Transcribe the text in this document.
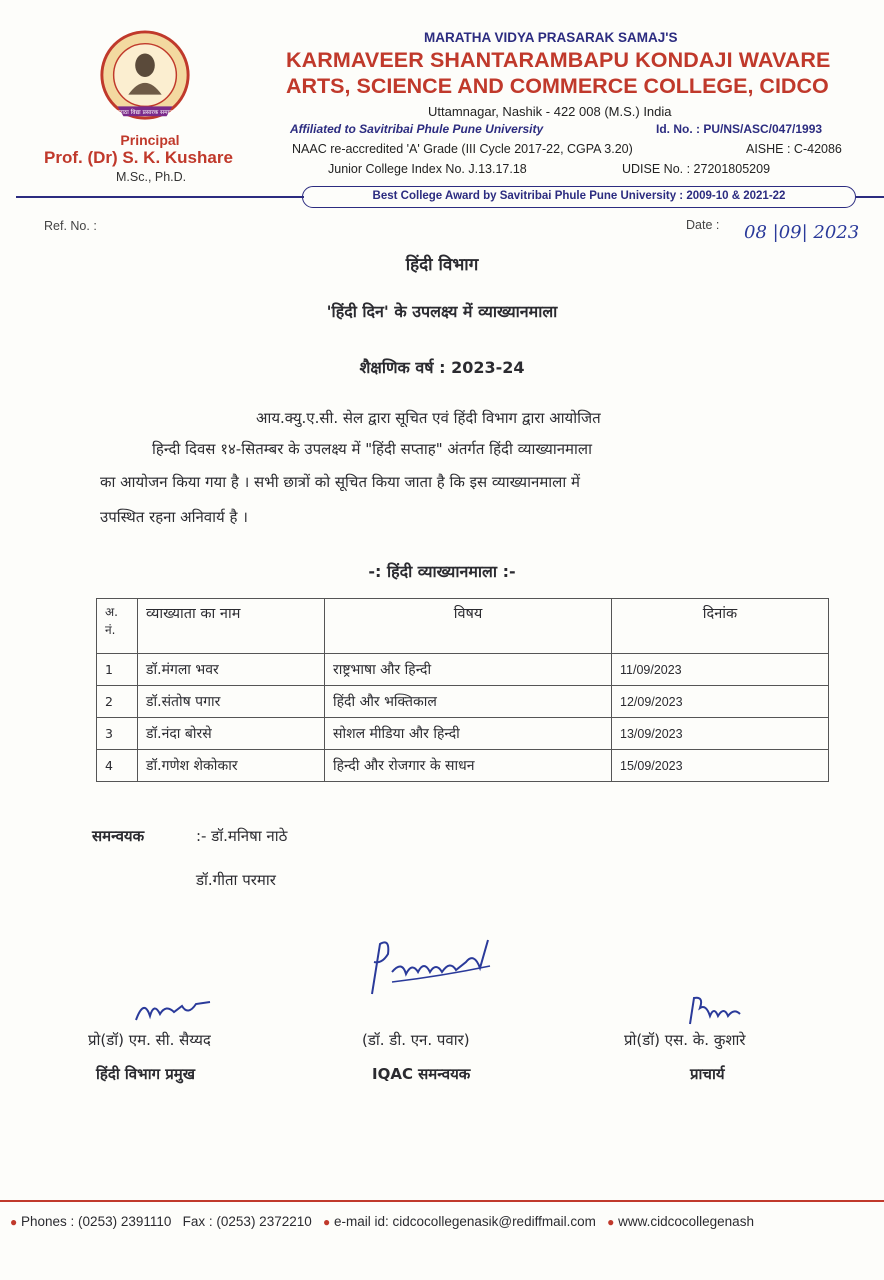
मराठा विद्या प्रसारक समाज
Principal
Prof. (Dr) S. K. Kushare
M.Sc., Ph.D.
MARATHA VIDYA PRASARAK SAMAJ'S
KARMAVEER SHANTARAMBAPU KONDAJI WAVARE
ARTS, SCIENCE AND COMMERCE COLLEGE, CIDCO
Uttamnagar, Nashik - 422 008 (M.S.) India
Affiliated to Savitribai Phule Pune University	Id. No. : PU/NS/ASC/047/1993
NAAC re-accredited 'A' Grade (III Cycle 2017-22, CGPA 3.20)	AISHE : C-42086
Junior College Index No. J.13.17.18	UDISE No. : 27201805209
Best College Award by Savitribai Phule Pune University : 2009-10 & 2021-22
Ref. No. :	Date : 08 |09| 2023
हिंदी विभाग
'हिंदी दिन' के उपलक्ष्य में व्याख्यानमाला
शैक्षणिक वर्ष : 2023-24
आय.क्यु.ए.सी. सेल द्वारा सूचित एवं हिंदी विभाग द्वारा आयोजित
हिन्दी दिवस १४-सितम्बर के उपलक्ष्य में "हिंदी सप्ताह" अंतर्गत हिंदी व्याख्यानमाला
का आयोजन किया गया है । सभी छात्रों को सूचित किया जाता है कि इस व्याख्यानमाला में
उपस्थित रहना अनिवार्य है ।
-: हिंदी व्याख्यानमाला :-
अ.
नं.	व्याख्याता का नाम	विषय	दिनांक
1	डॉ.मंगला भवर	राष्ट्रभाषा और हिन्दी	11/09/2023
2	डॉ.संतोष पगार	हिंदी और भक्तिकाल	12/09/2023
3	डॉ.नंदा बोरसे	सोशल मीडिया और हिन्दी	13/09/2023
4	डॉ.गणेश शेकोकार	हिन्दी और रोजगार के साधन	15/09/2023
समन्वयक	:- डॉ.मनिषा नाठे
डॉ.गीता परमार
प्रो(डॉ) एम. सी. सैय्यद
हिंदी विभाग प्रमुख
(डॉ. डी. एन. पवार)
IQAC समन्वयक
प्रो(डॉ) एस. के. कुशारे
प्राचार्य
● Phones : (0253) 2391110 Fax : (0253) 2372210 ● e-mail id: cidcocollegenasik@rediffmail.com ● www.cidcocollegenash
